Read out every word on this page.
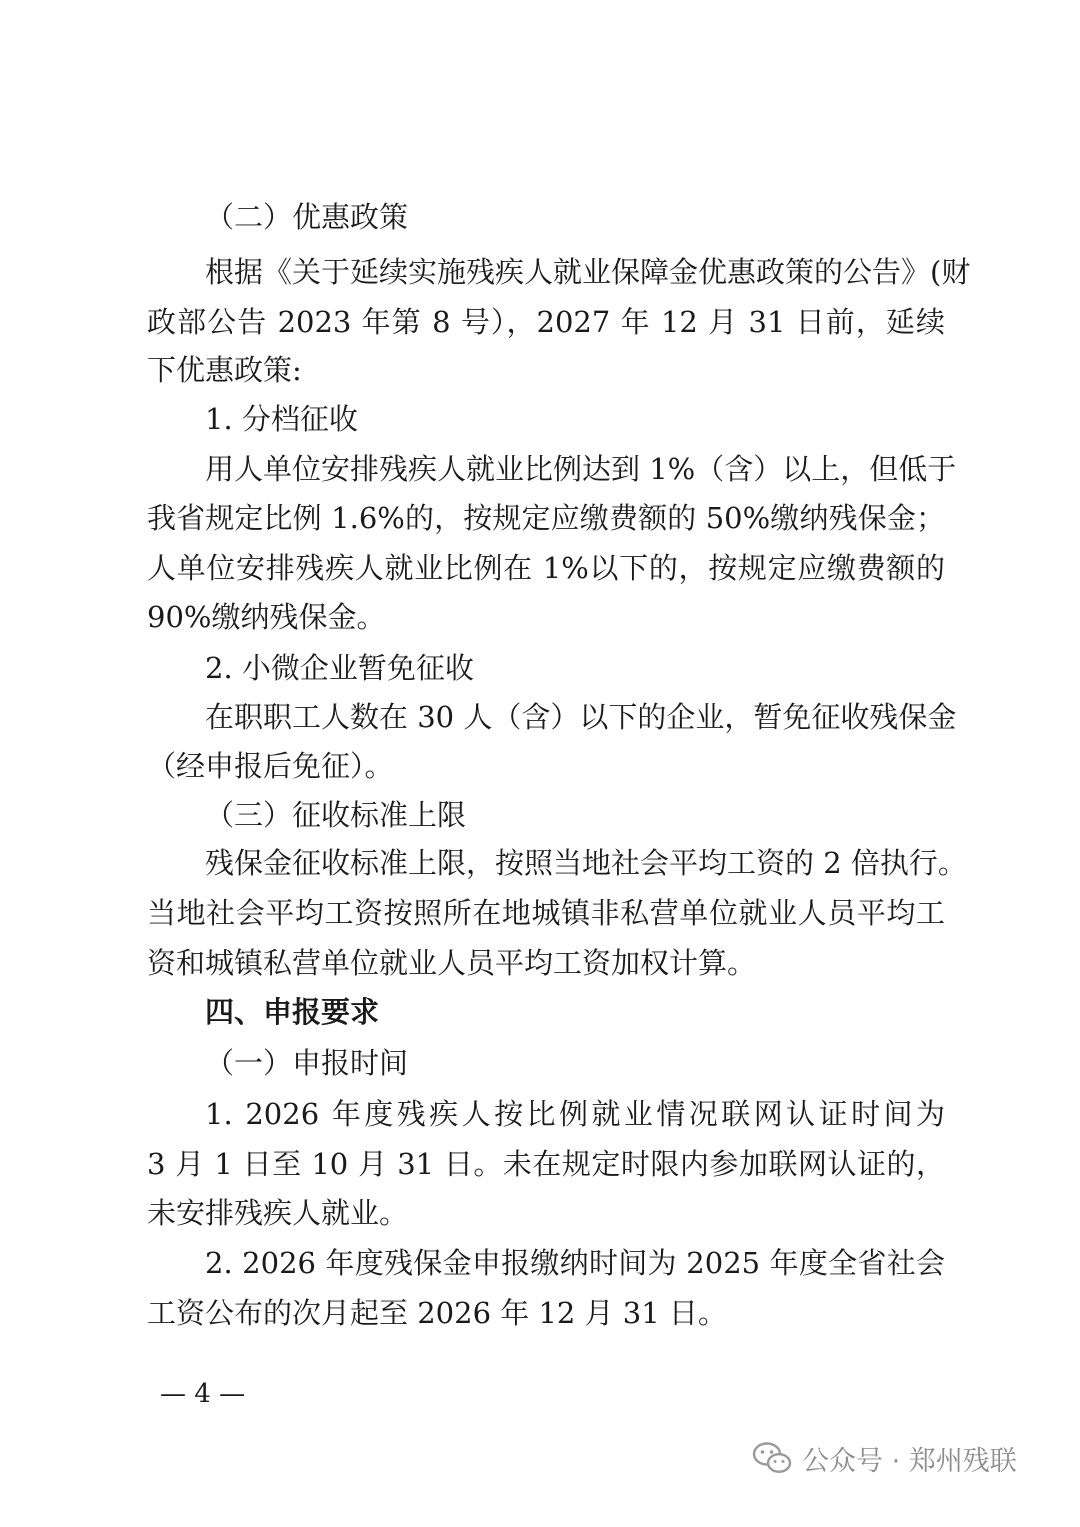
（二）优惠政策
根据《关于延续实施残疾人就业保障金优惠政策的公告》(财
政部公告 2023 年第 8 号），2027 年 12 月 31 日前，延续
下优惠政策:
1. 分档征收
用人单位安排残疾人就业比例达到 1%（含）以上，但低于
我省规定比例 1.6%的，按规定应缴费额的 50%缴纳残保金；
人单位安排残疾人就业比例在 1%以下的，按规定应缴费额的
90%缴纳残保金。
2. 小微企业暂免征收
在职职工人数在 30 人（含）以下的企业，暂免征收残保金
（经申报后免征）。
（三）征收标准上限
残保金征收标准上限，按照当地社会平均工资的 2 倍执行。
当地社会平均工资按照所在地城镇非私营单位就业人员平均工
资和城镇私营单位就业人员平均工资加权计算。
四、申报要求
（一）申报时间
1. 2026 年度残疾人按比例就业情况联网认证时间为
3 月 1 日至 10 月 31 日。未在规定时限内参加联网认证的，
未安排残疾人就业。
2. 2026 年度残保金申报缴纳时间为 2025 年度全省社会
工资公布的次月起至 2026 年 12 月 31 日。
— 4 —
公众号 · 郑州残联
